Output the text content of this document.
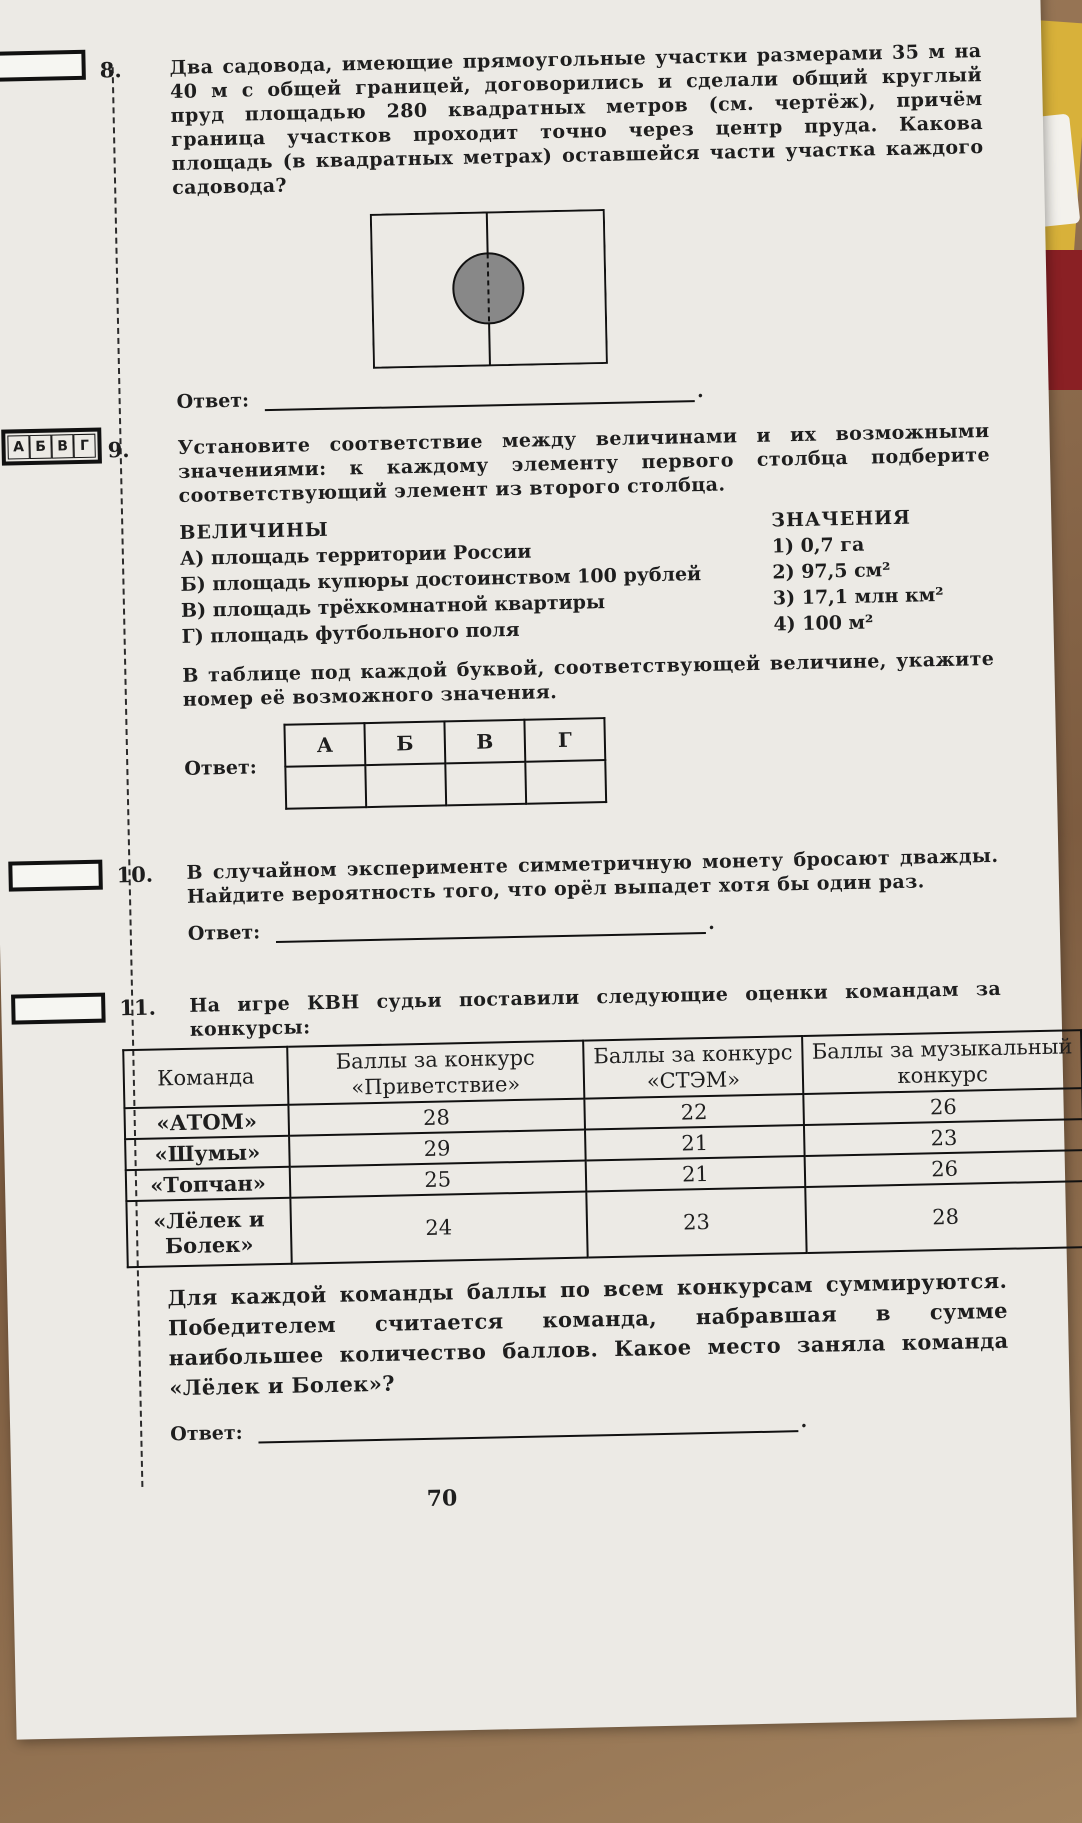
8.	Два садовода, имеющие прямоугольные участки размерами 35 м на 40 м с общей границей, договорились и сделали общий круглый пруд площадью 280 квадратных метров (см. чертёж), причём граница участков проходит точно через центр пруда. Какова площадь (в квадратных метрах) оставшейся части участка каждого садовода?
Ответ:	.
А Б В Г 9.	Установите соответствие между величинами и их возможными значениями: к каждому элементу первого столбца подберите соответствующий элемент из второго столбца.
ВЕЛИЧИНЫ
А) площадь территории России
Б) площадь купюры достоинством 100 рублей
В) площадь трёхкомнатной квартиры
Г) площадь футбольного поля
ЗНАЧЕНИЯ
1) 0,7 га
2) 97,5 см²
3) 17,1 млн км²
4) 100 м²
В таблице под каждой буквой, соответствующей величине, укажите номер её возможного значения.
Ответ:
А	Б	В	Г

10. В случайном эксперименте симметричную монету бросают дважды. Найдите вероятность того, что орёл выпадет хотя бы один раз.
Ответ:	.
11. На игре КВН судьи поставили следующие оценки командам за конкурсы:
Команда	Баллы за конкурс «Приветствие»	Баллы за конкурс «СТЭМ»	Баллы за музыкальный конкурс
«АТОМ»	28	22	26
«Шумы»	29	21	23
«Топчан»	25	21	26
«Лёлек и Болек»	24	23	28
Для каждой команды баллы по всем конкурсам суммируются. Победителем считается команда, набравшая в сумме наибольшее количество баллов. Какое место заняла команда «Лёлек и Болек»?
Ответ:
.
70
